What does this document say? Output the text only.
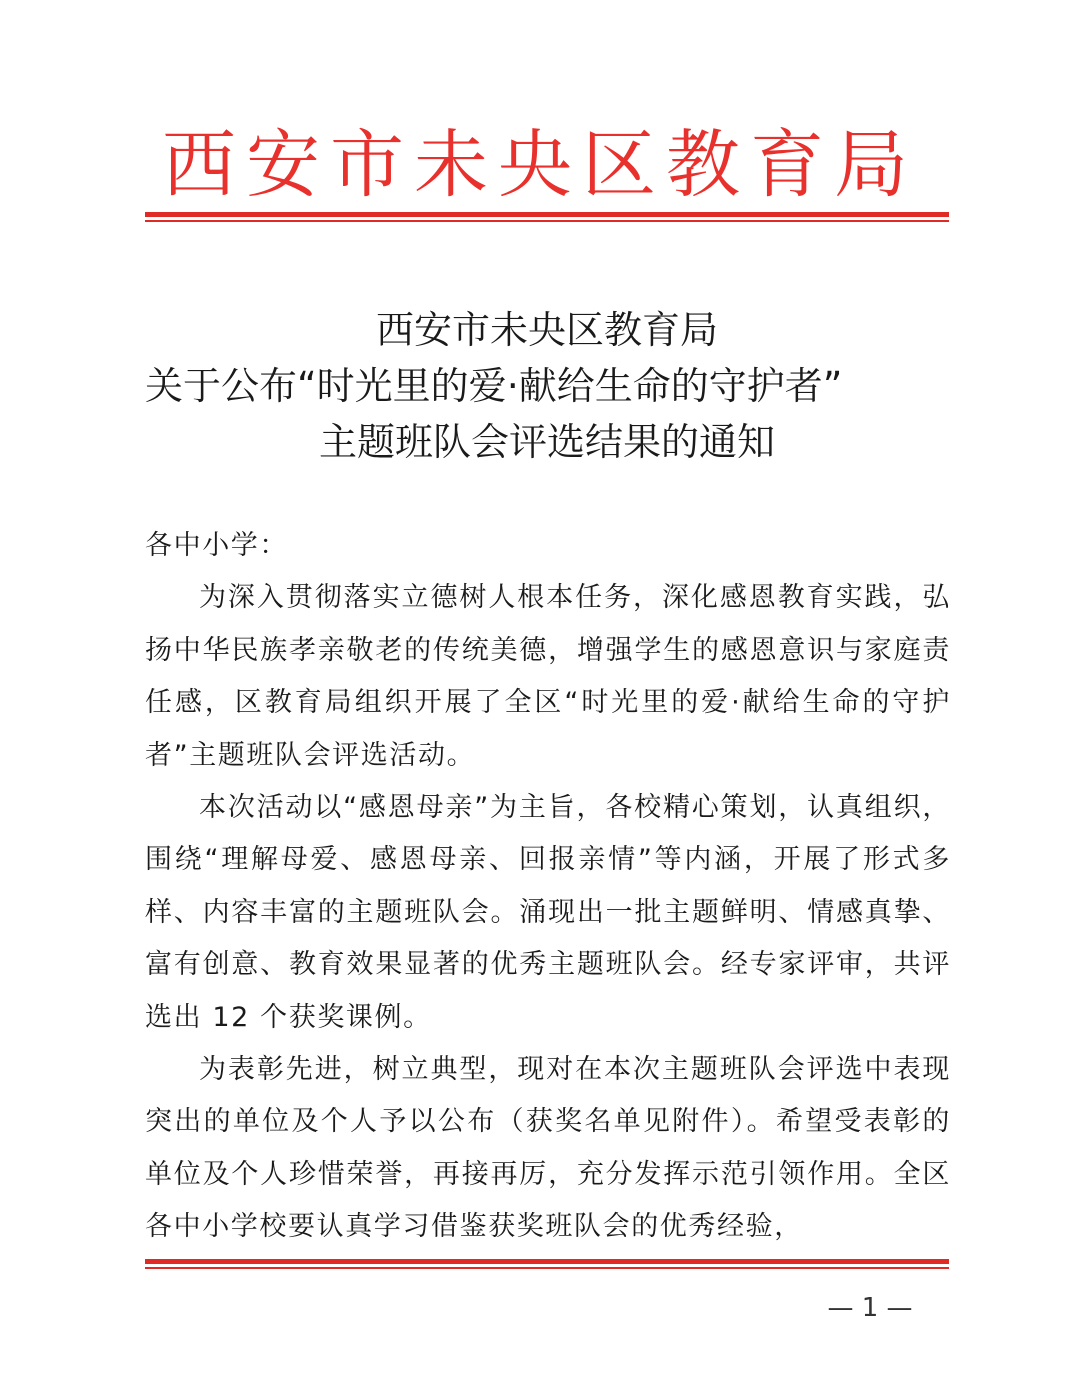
西安市未央区教育局
西安市未央区教育局
关于公布“时光里的爱·献给生命的守护者”
主题班队会评选结果的通知

各中小学：

为深入贯彻落实立德树人根本任务，深化感恩教育实践，弘扬中华民族孝亲敬老的传统美德，增强学生的感恩意识与家庭责任感，区教育局组织开展了全区“时光里的爱·献给生命的守护者”主题班队会评选活动。

本次活动以“感恩母亲”为主旨，各校精心策划，认真组织，围绕“理解母爱、感恩母亲、回报亲情”等内涵，开展了形式多样、内容丰富的主题班队会。涌现出一批主题鲜明、情感真挚、富有创意、教育效果显著的优秀主题班队会。经专家评审，共评选出 12 个获奖课例。

为表彰先进，树立典型，现对在本次主题班队会评选中表现突出的单位及个人予以公布（获奖名单见附件）。希望受表彰的单位及个人珍惜荣誉，再接再厉，充分发挥示范引领作用。全区各中小学校要认真学习借鉴获奖班队会的优秀经验，

— 1 —
